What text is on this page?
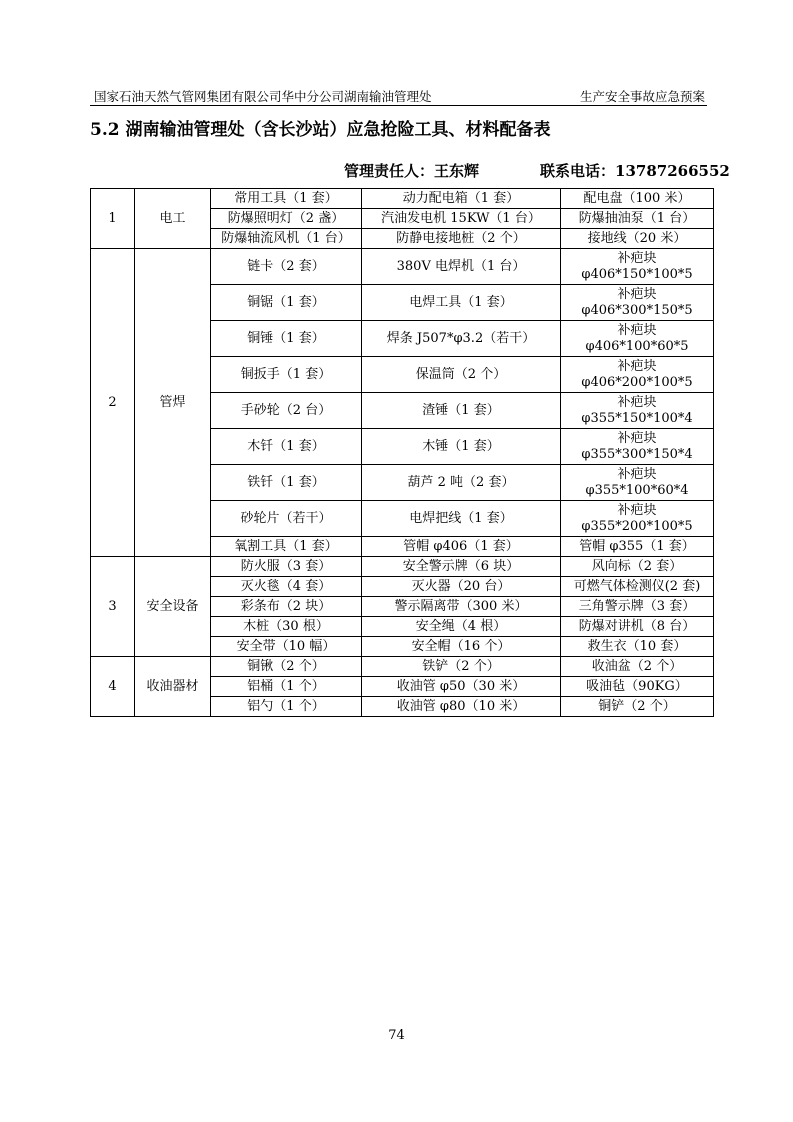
国家石油天然气管网集团有限公司华中分公司湖南输油管理处	生产安全事故应急预案
5.2 湖南输油管理处（含长沙站）应急抢险工具、材料配备表
管理责任人：王东辉	联系电话：13787266552
1	电工	常用工具（1 套）	动力配电箱（1 套）	配电盘（100 米）
		防爆照明灯（2 盏）	汽油发电机 15KW（1 台）	防爆抽油泵（1 台）
		防爆轴流风机（1 台）	防静电接地桩（2 个）	接地线（20 米）
2	管焊	链卡（2 套）	380V 电焊机（1 台）	补疤块
φ406*150*100*5

		铜锯（1 套）	电焊工具（1 套）	补疤块
φ406*300*150*5

		铜锤（1 套）	焊条 J507*φ3.2（若干）	补疤块
φ406*100*60*5

		铜扳手（1 套）	保温筒（2 个）	补疤块
φ406*200*100*5

		手砂轮（2 台）	渣锤（1 套）	补疤块
φ355*150*100*4

		木钎（1 套）	木锤（1 套）	补疤块
φ355*300*150*4

		铁钎（1 套）	葫芦 2 吨（2 套）	补疤块
φ355*100*60*4

		砂轮片（若干）	电焊把线（1 套）	补疤块
φ355*200*100*5

		氧割工具（1 套）	管帽 φ406（1 套）	管帽 φ355（1 套）
3	安全设备	防火服（3 套）	安全警示牌（6 块）	风向标（2 套）
		灭火毯（4 套）	灭火器（20 台）	可燃气体检测仪(2 套)
		彩条布（2 块）	警示隔离带（300 米）	三角警示牌（3 套）
		木桩（30 根）	安全绳（4 根）	防爆对讲机（8 台）
		安全带（10 幅）	安全帽（16 个）	救生衣（10 套）
4	收油器材	铜锹（2 个）	铁铲（2 个）	收油盆（2 个）
		铝桶（1 个）	收油管 φ50（30 米）	吸油毡（90KG）
		铝勺（1 个）	收油管 φ80（10 米）	铜铲（2 个）
74
